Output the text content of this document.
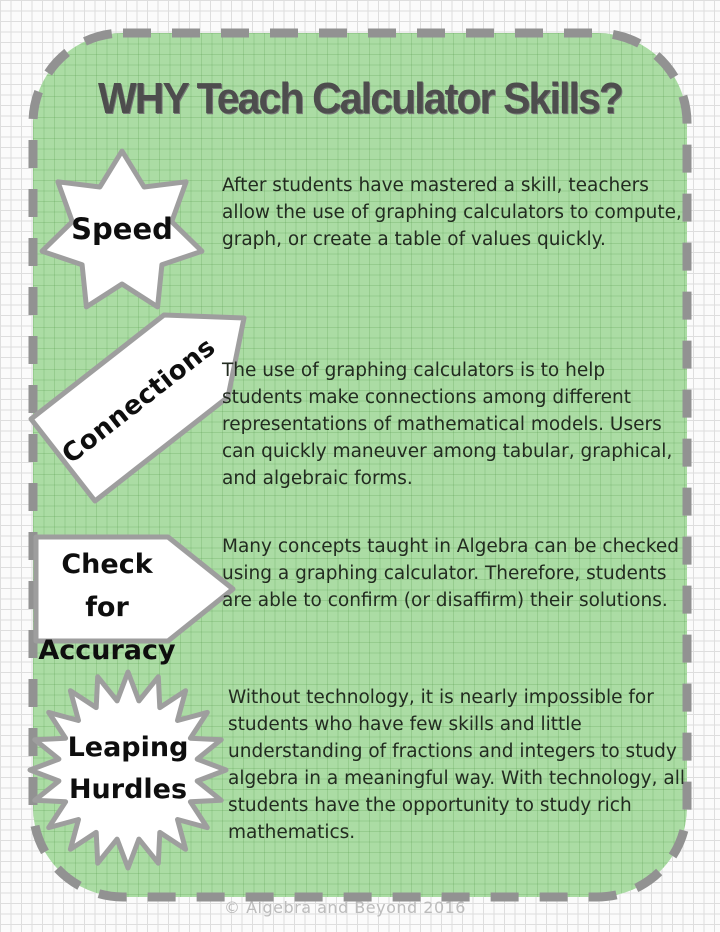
WHY Teach Calculator Skills?
Speed
Connections
Check for
Accuracy
Leaping
Hurdles
After students have mastered a skill, teachers allow the use of graphing calculators to compute, graph, or create a table of values quickly.
The use of graphing calculators is to help students make connections among different representations of mathematical models. Users can quickly maneuver among tabular, graphical, and algebraic forms.
Many concepts taught in Algebra can be checked using a graphing calculator. Therefore, students are able to confirm (or disaffirm) their solutions.
Without technology, it is nearly impossible for students who have few skills and little understanding of fractions and integers to study algebra in a meaningful way. With technology, all students have the opportunity to study rich mathematics.
© Algebra and Beyond 2016
